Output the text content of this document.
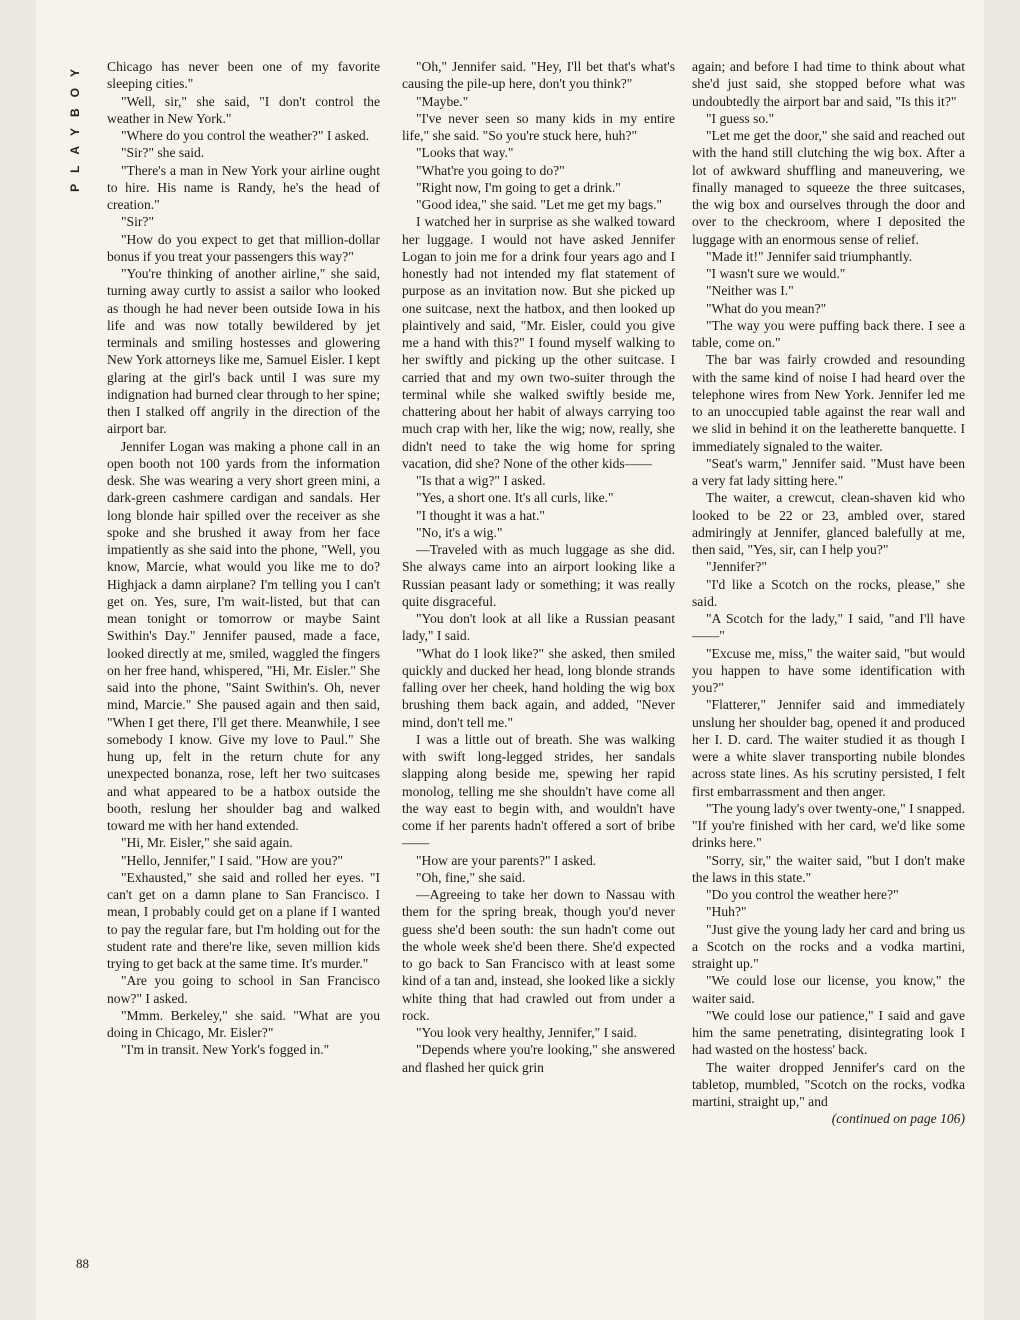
PLAYBOY	Chicago has never been one of my favorite sleeping cities."

"Well, sir," she said, "I don't control the weather in New York."

"Where do you control the weather?" I asked.

"Sir?" she said.

"There's a man in New York your airline ought to hire. His name is Randy, he's the head of creation."

"Sir?"

"How do you expect to get that million-dollar bonus if you treat your passengers this way?"

"You're thinking of another airline," she said, turning away curtly to assist a sailor who looked as though he had never been outside Iowa in his life and was now totally bewildered by jet terminals and smiling hostesses and glowering New York attorneys like me, Samuel Eisler. I kept glaring at the girl's back until I was sure my indignation had burned clear through to her spine; then I stalked off angrily in the direction of the airport bar.

Jennifer Logan was making a phone call in an open booth not 100 yards from the information desk. She was wearing a very short green mini, a dark-green cashmere cardigan and sandals. Her long blonde hair spilled over the receiver as she spoke and she brushed it away from her face impatiently as she said into the phone, "Well, you know, Marcie, what would you like me to do? Highjack a damn airplane? I'm telling you I can't get on. Yes, sure, I'm wait-listed, but that can mean tonight or tomorrow or maybe Saint Swithin's Day." Jennifer paused, made a face, looked directly at me, smiled, waggled the fingers on her free hand, whispered, "Hi, Mr. Eisler." She said into the phone, "Saint Swithin's. Oh, never mind, Marcie." She paused again and then said, "When I get there, I'll get there. Meanwhile, I see somebody I know. Give my love to Paul." She hung up, felt in the return chute for any unexpected bonanza, rose, left her two suitcases and what appeared to be a hatbox outside the booth, reslung her shoulder bag and walked toward me with her hand extended.

"Hi, Mr. Eisler," she said again.

"Hello, Jennifer," I said. "How are you?"

"Exhausted," she said and rolled her eyes. "I can't get on a damn plane to San Francisco. I mean, I probably could get on a plane if I wanted to pay the regular fare, but I'm holding out for the student rate and there're like, seven million kids trying to get back at the same time. It's murder."

"Are you going to school in San Francisco now?" I asked.

"Mmm. Berkeley," she said. "What are you doing in Chicago, Mr. Eisler?"

"I'm in transit. New York's fogged in."

"Oh," Jennifer said. "Hey, I'll bet that's what's causing the pile-up here, don't you think?"

"Maybe."

"I've never seen so many kids in my entire life," she said. "So you're stuck here, huh?"

"Looks that way."

"What're you going to do?"

"Right now, I'm going to get a drink."

"Good idea," she said. "Let me get my bags."

I watched her in surprise as she walked toward her luggage. I would not have asked Jennifer Logan to join me for a drink four years ago and I honestly had not intended my flat statement of purpose as an invitation now. But she picked up one suitcase, next the hatbox, and then looked up plaintively and said, "Mr. Eisler, could you give me a hand with this?" I found myself walking to her swiftly and picking up the other suitcase. I carried that and my own two-suiter through the terminal while she walked swiftly beside me, chattering about her habit of always carrying too much crap with her, like the wig; now, really, she didn't need to take the wig home for spring vacation, did she? None of the other kids——

"Is that a wig?" I asked.

"Yes, a short one. It's all curls, like."

"I thought it was a hat."

"No, it's a wig."

—Traveled with as much luggage as she did. She always came into an airport looking like a Russian peasant lady or something; it was really quite disgraceful.

"You don't look at all like a Russian peasant lady," I said.

"What do I look like?" she asked, then smiled quickly and ducked her head, long blonde strands falling over her cheek, hand holding the wig box brushing them back again, and added, "Never mind, don't tell me."

I was a little out of breath. She was walking with swift long-legged strides, her sandals slapping along beside me, spewing her rapid monolog, telling me she shouldn't have come all the way east to begin with, and wouldn't have come if her parents hadn't offered a sort of bribe——

"How are your parents?" I asked.

"Oh, fine," she said.

—Agreeing to take her down to Nassau with them for the spring break, though you'd never guess she'd been south: the sun hadn't come out the whole week she'd been there. She'd expected to go back to San Francisco with at least some kind of a tan and, instead, she looked like a sickly white thing that had crawled out from under a rock.

"You look very healthy, Jennifer," I said.

"Depends where you're looking," she answered and flashed her quick grin

again; and before I had time to think about what she'd just said, she stopped before what was undoubtedly the airport bar and said, "Is this it?"

"I guess so."

"Let me get the door," she said and reached out with the hand still clutching the wig box. After a lot of awkward shuffling and maneuvering, we finally managed to squeeze the three suitcases, the wig box and ourselves through the door and over to the checkroom, where I deposited the luggage with an enormous sense of relief.

"Made it!" Jennifer said triumphantly.

"I wasn't sure we would."

"Neither was I."

"What do you mean?"

"The way you were puffing back there. I see a table, come on."

The bar was fairly crowded and resounding with the same kind of noise I had heard over the telephone wires from New York. Jennifer led me to an unoccupied table against the rear wall and we slid in behind it on the leatherette banquette. I immediately signaled to the waiter.

"Seat's warm," Jennifer said. "Must have been a very fat lady sitting here."

The waiter, a crewcut, clean-shaven kid who looked to be 22 or 23, ambled over, stared admiringly at Jennifer, glanced balefully at me, then said, "Yes, sir, can I help you?"

"Jennifer?"

"I'd like a Scotch on the rocks, please," she said.

"A Scotch for the lady," I said, "and I'll have——"

"Excuse me, miss," the waiter said, "but would you happen to have some identification with you?"

"Flatterer," Jennifer said and immediately unslung her shoulder bag, opened it and produced her I. D. card. The waiter studied it as though I were a white slaver transporting nubile blondes across state lines. As his scrutiny persisted, I felt first embarrassment and then anger.

"The young lady's over twenty-one," I snapped. "If you're finished with her card, we'd like some drinks here."

"Sorry, sir," the waiter said, "but I don't make the laws in this state."

"Do you control the weather here?"

"Huh?"

"Just give the young lady her card and bring us a Scotch on the rocks and a vodka martini, straight up."

"We could lose our license, you know," the waiter said.

"We could lose our patience," I said and gave him the same penetrating, disintegrating look I had wasted on the hostess' back.

The waiter dropped Jennifer's card on the tabletop, mumbled, "Scotch on the rocks, vodka martini, straight up," and

(continued on page 106)

88
